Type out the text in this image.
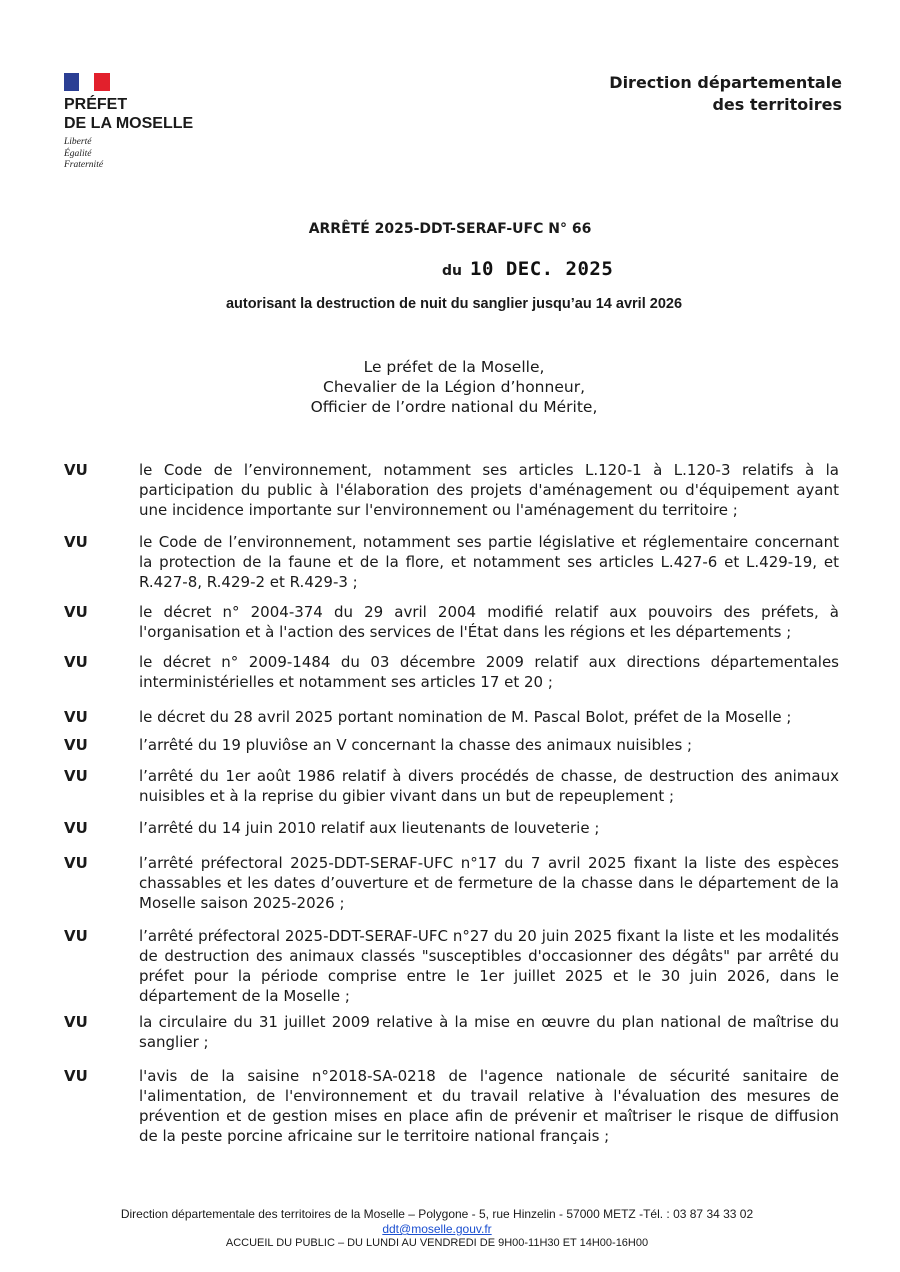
PRÉFET
DE LA MOSELLE
Liberté
Égalité
Fraternité
Direction départementale
des territoires
ARRÊTÉ 2025-DDT-SERAF-UFC N° 66
du 10 DEC. 2025
autorisant la destruction de nuit du sanglier jusqu’au 14 avril 2026
Le préfet de la Moselle,
Chevalier de la Légion d’honneur,
Officier de l’ordre national du Mérite,
VU	le Code de l’environnement, notamment ses articles L.120-1 à L.120-3 relatifs à la participation du public à l'élaboration des projets d'aménagement ou d'équipement ayant une incidence importante sur l'environnement ou l'aménagement du territoire ;
VU	le Code de l’environnement, notamment ses partie législative et réglementaire concernant la protection de la faune et de la flore, et notamment ses articles L.427-6 et L.429-19, et R.427-8, R.429-2 et R.429-3 ;
VU	le décret n° 2004-374 du 29 avril 2004 modifié relatif aux pouvoirs des préfets, à l'organisation et à l'action des services de l'État dans les régions et les départements ;
VU	le décret n° 2009-1484 du 03 décembre 2009 relatif aux directions départementales interministérielles et notamment ses articles 17 et 20 ;
VU	le décret du 28 avril 2025 portant nomination de M. Pascal Bolot, préfet de la Moselle ;
VU	l’arrêté du 19 pluviôse an V concernant la chasse des animaux nuisibles ;
VU	l’arrêté du 1er août 1986 relatif à divers procédés de chasse, de destruction des animaux nuisibles et à la reprise du gibier vivant dans un but de repeuplement ;
VU	l’arrêté du 14 juin 2010 relatif aux lieutenants de louveterie ;
VU	l’arrêté préfectoral 2025-DDT-SERAF-UFC n°17 du 7 avril 2025 fixant la liste des espèces chassables et les dates d’ouverture et de fermeture de la chasse dans le département de la Moselle saison 2025-2026 ;
VU	l’arrêté préfectoral 2025-DDT-SERAF-UFC n°27 du 20 juin 2025 fixant la liste et les modalités de destruction des animaux classés "susceptibles d'occasionner des dégâts" par arrêté du préfet pour la période comprise entre le 1er juillet 2025 et le 30 juin 2026, dans le département de la Moselle ;
VU	la circulaire du 31 juillet 2009 relative à la mise en œuvre du plan national de maîtrise du sanglier ;
VU	l'avis de la saisine n°2018-SA-0218 de l'agence nationale de sécurité sanitaire de l'alimentation, de l'environnement et du travail relative à l'évaluation des mesures de prévention et de gestion mises en place afin de prévenir et maîtriser le risque de diffusion de la peste porcine africaine sur le territoire national français ;
Direction départementale des territoires de la Moselle – Polygone - 5, rue Hinzelin - 57000 METZ -Tél. : 03 87 34 33 02
ddt@moselle.gouv.fr
ACCUEIL DU PUBLIC – DU LUNDI AU VENDREDI DE 9H00-11H30 ET 14H00-16H00
